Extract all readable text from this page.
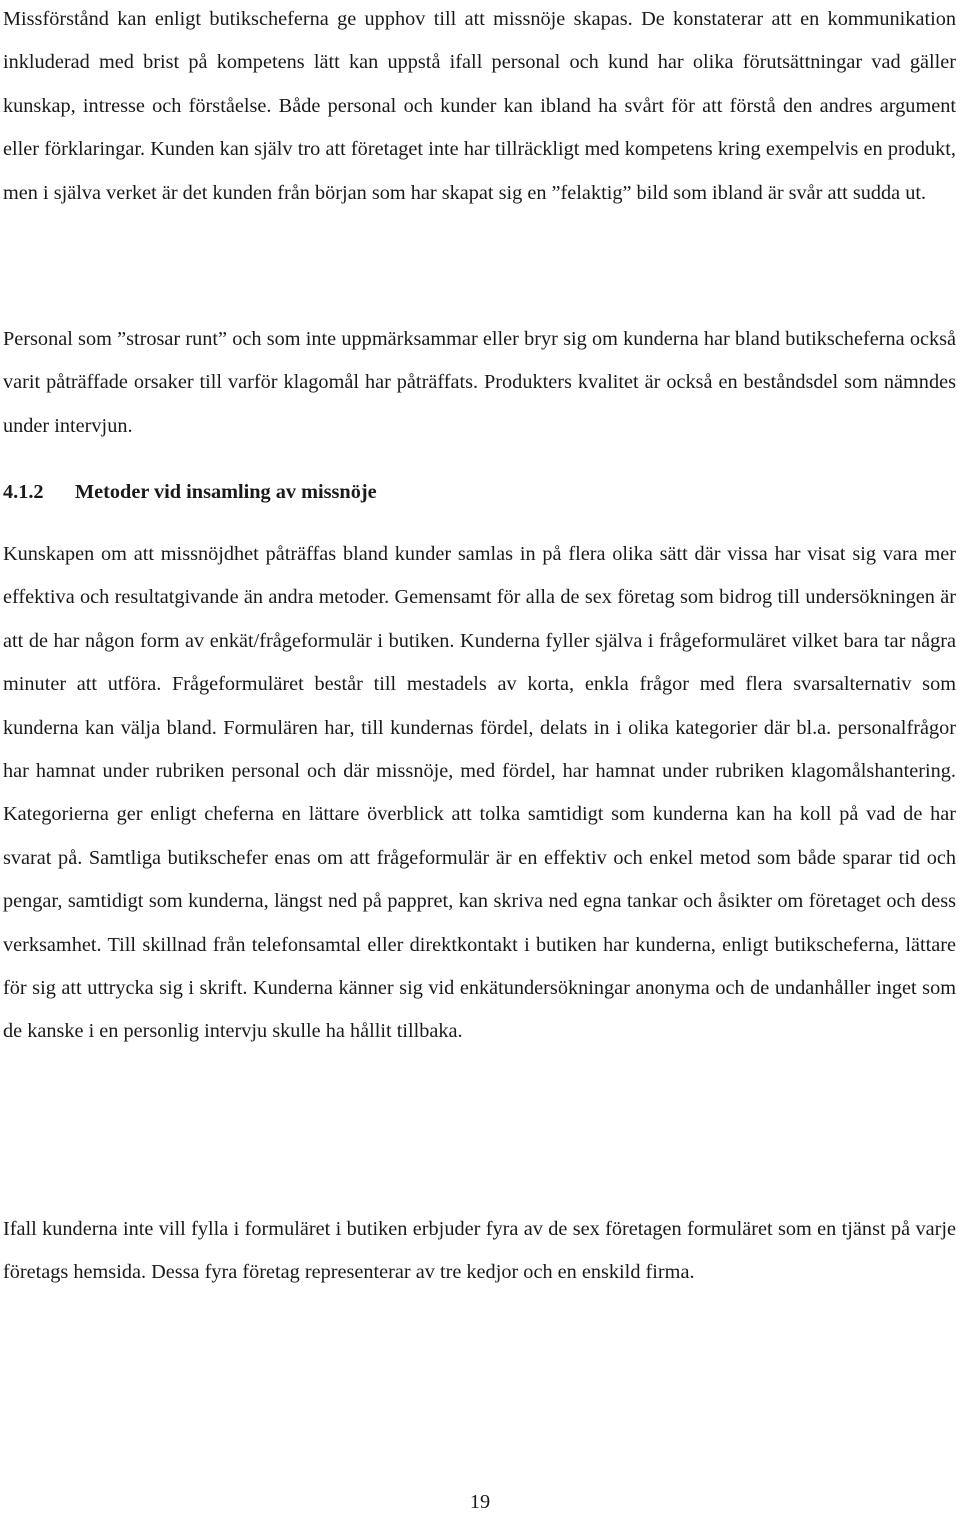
Missförstånd kan enligt butikscheferna ge upphov till att missnöje skapas. De konstaterar att en kommunikation inkluderad med brist på kompetens lätt kan uppstå ifall personal och kund har olika förutsättningar vad gäller kunskap, intresse och förståelse. Både personal och kunder kan ibland ha svårt för att förstå den andres argument eller förklaringar. Kunden kan själv tro att företaget inte har tillräckligt med kompetens kring exempelvis en produkt, men i själva verket är det kunden från början som har skapat sig en ”felaktig” bild som ibland är svår att sudda ut.

Personal som ”strosar runt” och som inte uppmärksammar eller bryr sig om kunderna har bland butikscheferna också varit påträffade orsaker till varför klagomål har påträffats. Produkters kvalitet är också en beståndsdel som nämndes under intervjun.

4.1.2 Metoder vid insamling av missnöje

Kunskapen om att missnöjdhet påträffas bland kunder samlas in på flera olika sätt där vissa har visat sig vara mer effektiva och resultatgivande än andra metoder. Gemensamt för alla de sex företag som bidrog till undersökningen är att de har någon form av enkät/frågeformulär i butiken. Kunderna fyller själva i frågeformuläret vilket bara tar några minuter att utföra. Frågeformuläret består till mestadels av korta, enkla frågor med flera svarsalternativ som kunderna kan välja bland. Formulären har, till kundernas fördel, delats in i olika kategorier där bl.a. personalfrågor har hamnat under rubriken personal och där missnöje, med fördel, har hamnat under rubriken klagomålshantering. Kategorierna ger enligt cheferna en lättare överblick att tolka samtidigt som kunderna kan ha koll på vad de har svarat på. Samtliga butikschefer enas om att frågeformulär är en effektiv och enkel metod som både sparar tid och pengar, samtidigt som kunderna, längst ned på pappret, kan skriva ned egna tankar och åsikter om företaget och dess verksamhet. Till skillnad från telefonsamtal eller direktkontakt i butiken har kunderna, enligt butikscheferna, lättare för sig att uttrycka sig i skrift. Kunderna känner sig vid enkätundersökningar anonyma och de undanhåller inget som de kanske i en personlig intervju skulle ha hållit tillbaka.

Ifall kunderna inte vill fylla i formuläret i butiken erbjuder fyra av de sex företagen formuläret som en tjänst på varje företags hemsida. Dessa fyra företag representerar av tre kedjor och en enskild firma.

19
